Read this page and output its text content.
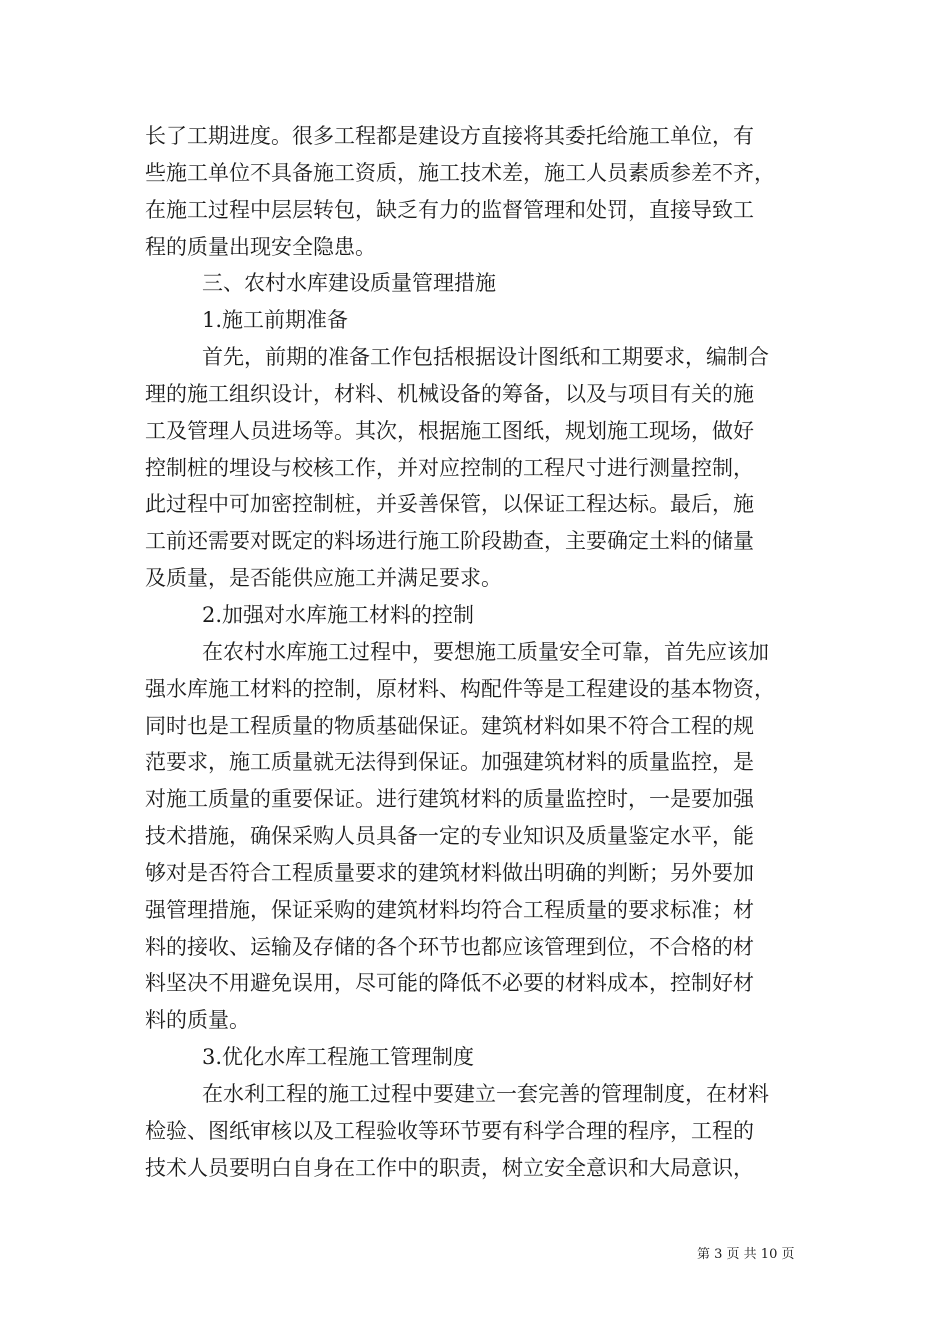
长了工期进度。很多工程都是建设方直接将其委托给施工单位，有
些施工单位不具备施工资质，施工技术差，施工人员素质参差不齐，
在施工过程中层层转包，缺乏有力的监督管理和处罚，直接导致工
程的质量出现安全隐患。
三、农村水库建设质量管理措施
1.施工前期准备
首先，前期的准备工作包括根据设计图纸和工期要求，编制合
理的施工组织设计，材料、机械设备的筹备，以及与项目有关的施
工及管理人员进场等。其次，根据施工图纸，规划施工现场，做好
控制桩的埋设与校核工作，并对应控制的工程尺寸进行测量控制，
此过程中可加密控制桩，并妥善保管，以保证工程达标。最后，施
工前还需要对既定的料场进行施工阶段勘查，主要确定土料的储量
及质量，是否能供应施工并满足要求。
2.加强对水库施工材料的控制
在农村水库施工过程中，要想施工质量安全可靠，首先应该加
强水库施工材料的控制，原材料、构配件等是工程建设的基本物资，
同时也是工程质量的物质基础保证。建筑材料如果不符合工程的规
范要求，施工质量就无法得到保证。加强建筑材料的质量监控，是
对施工质量的重要保证。进行建筑材料的质量监控时，一是要加强
技术措施，确保采购人员具备一定的专业知识及质量鉴定水平，能
够对是否符合工程质量要求的建筑材料做出明确的判断；另外要加
强管理措施，保证采购的建筑材料均符合工程质量的要求标准；材
料的接收、运输及存储的各个环节也都应该管理到位，不合格的材
料坚决不用避免误用，尽可能的降低不必要的材料成本，控制好材
料的质量。
3.优化水库工程施工管理制度
在水利工程的施工过程中要建立一套完善的管理制度，在材料
检验、图纸审核以及工程验收等环节要有科学合理的程序，工程的
技术人员要明白自身在工作中的职责，树立安全意识和大局意识，
第 3 页 共 10 页
